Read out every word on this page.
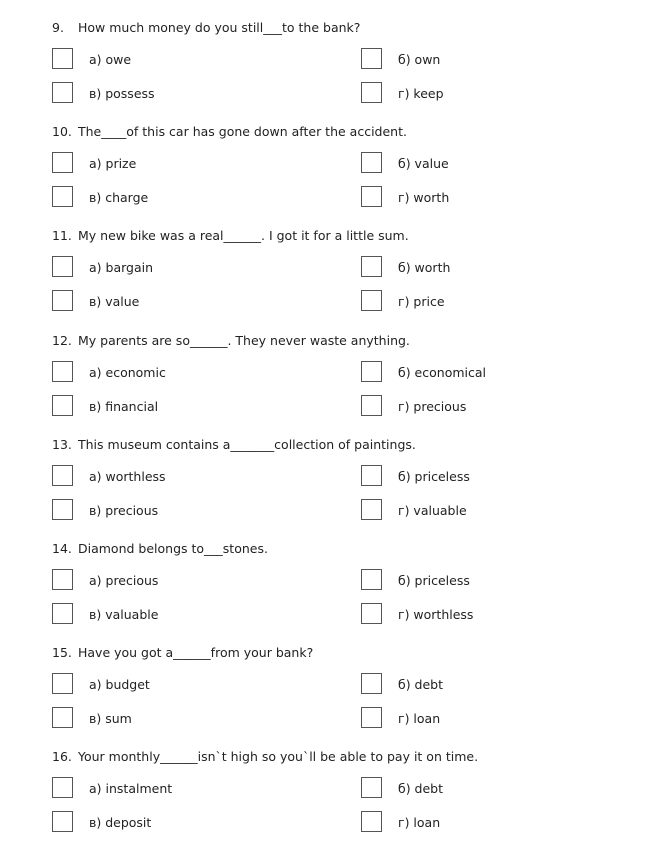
9. How much money do you still___to the bank?
а) owe	б) own
в) possess	г) keep
10. The____of this car has gone down after the accident.
а) prize	б) value
в) charge	г) worth
11. My new bike was a real______. I got it for a little sum.
а) bargain	б) worth
в) value	г) price
12. My parents are so______. They never waste anything.
а) economic	б) economical
в) financial	г) precious
13. This museum contains a_______collection of paintings.
а) worthless	б) priceless
в) precious	г) valuable
14. Diamond belongs to___stones.
а) precious	б) priceless
в) valuable	г) worthless
15. Have you got a______from your bank?
а) budget	б) debt
в) sum	г) loan
16. Your monthly______isn`t high so you`ll be able to pay it on time.
а) instalment	б) debt
в) deposit	г) loan
